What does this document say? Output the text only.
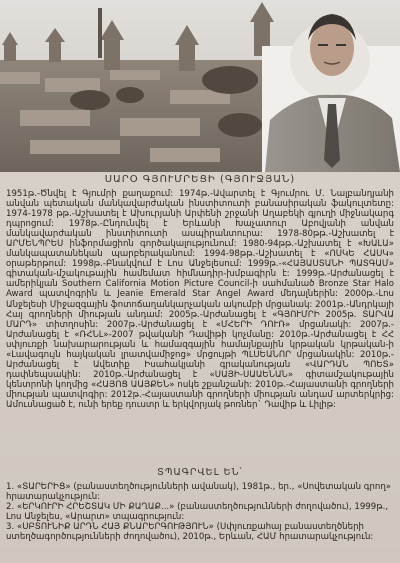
ՍԱՐՕ ԳՅՈՒՄՐԵՑԻ (ԳՅՈՒՋՅԱՆ)

1951թ.-Ծնվել է Գյումրի քաղաքում: 1974թ.-Ավարտել է Գյումրու Մ. Նալբանդյանի անվան պետական մանկավարժական ինստիտուտի բանասիրական ֆակուլտետը: 1974-1978 թթ.-Աշխատել է Ախուրյանի Արփենի շրջանի Աղաբեկի գյուղի միջնակարգ դպրոցում: 1978թ.-Ընդունվել է Երևանի Խաչատուր Աբովյանի անվան մանկավարժական ինստիտուտի ասպիրանտուրա: 1978-80թթ.-Աշխատել է ԱՐՄԵՆՊՐԵՍ ինֆորմացիոն գործակալությունում: 1980-94թթ.-Աշխատել է «ԽԱԼԱ» մանկապատանեկան պարբերականում: 1994-98թթ.-Աշխատել է «ՈՍԿԵ ՀԱՍԿ» օրաթերթում: 1998թ.-Բնակվում է Լոս Անջելեսում: 1999թ.-«ՀԱՅԱՍՏԱՆԻ ՊԱՏԳԱՄ» գիտական-մշակութային համեմատ հիմնադիր-խմբագիրն է: 1999թ.-Արժանացել է ամերիկյան Southern California Motion Picture Council-ի սահմանած Bronze Star Halo Award պատվոգրին և Jeanie Emerald Star Angel Award մեդալներին: 2000թ.-Լոս Անջելեսի Միջազգային ֆոտոճաղանկարչական ակումբի մրցանակ: 2001թ.-Անդրկայի Հայ գրողների միության անդամ: 2005թ.-Արժանացել է «ԳՅՈՒՄՐԻ 2005թ. ՏԱՐՎԱ ՄԱՐԴ» տիտղոսին: 2007թ.-Արժանացել է «ՄՀԵՐԻ ԴՈՒՌ» մրցանակի: 2007թ.-Արժանացել է «ՌՀՆԼ»-2007 թվականի Դավիթի կոչմանը: 2010թ.-Արժանացել է ՀՀ սփյուռքի նախարարության և համազգային համայնքային կրթական կրթական-ի «Լավագույն հայկական լրատվամիջոց» մրցույթի ՊԼՍԵԱՆՈՐ մրցանակին: 2010թ.-Արժանացել է Ավետիք Իսահակյանի գրականության «ՎԱՐԴԱՆ ՊՈԵՏ» դափնեպսակին: 2010թ.-Արժանացել է «ՍԱՅԻ-ՍԱԱԵՆԱՆ» գիտամշակութային կենտրոնի կողմից «ՀԱՅՈՑ ԱԱՅՔԵՆ» ոսկե շքանշանի: 2010թ.-Հայաստանի գրողների միության պատվոգիր: 2012թ.-Հայաստանի գրողների միության անդամ արտերկրից: Ամուսնացած է, ունի երեք դուստր և երկվորյակ թոռներ` Դավիթ և Լիլիթ:

ՏՊԱԳՐՎԵԼ ԵՆ՝
1. «ՏԱՐԵՐԻՑ» (բանաստեղծությունների ավանակ), 1981թ., եր., «Սովետական գրող» հրատարակչություն:
2. «ԵՐԿՈՒՐԻ ՀՐԵՇՏԱԿ ՄԻ ՔԱՂԱՔ...» (բանաստեղծությունների ժողովածու), 1999թ., Լոս Անջելես, «Արարտ» տպագրություն:
3. «ՍԲՏՈՒՆԻՔ ԱՐԴՆ ՀԱՅ ՔՆԱՐԵՐԳՈՒԹՅՈՒՆ» (Սփյուռքահայ բանաստեղծների ստեղծագործությունների ժողովածու), 2010թ., Երևան, ՀԱՄ հրատարակչություն:
